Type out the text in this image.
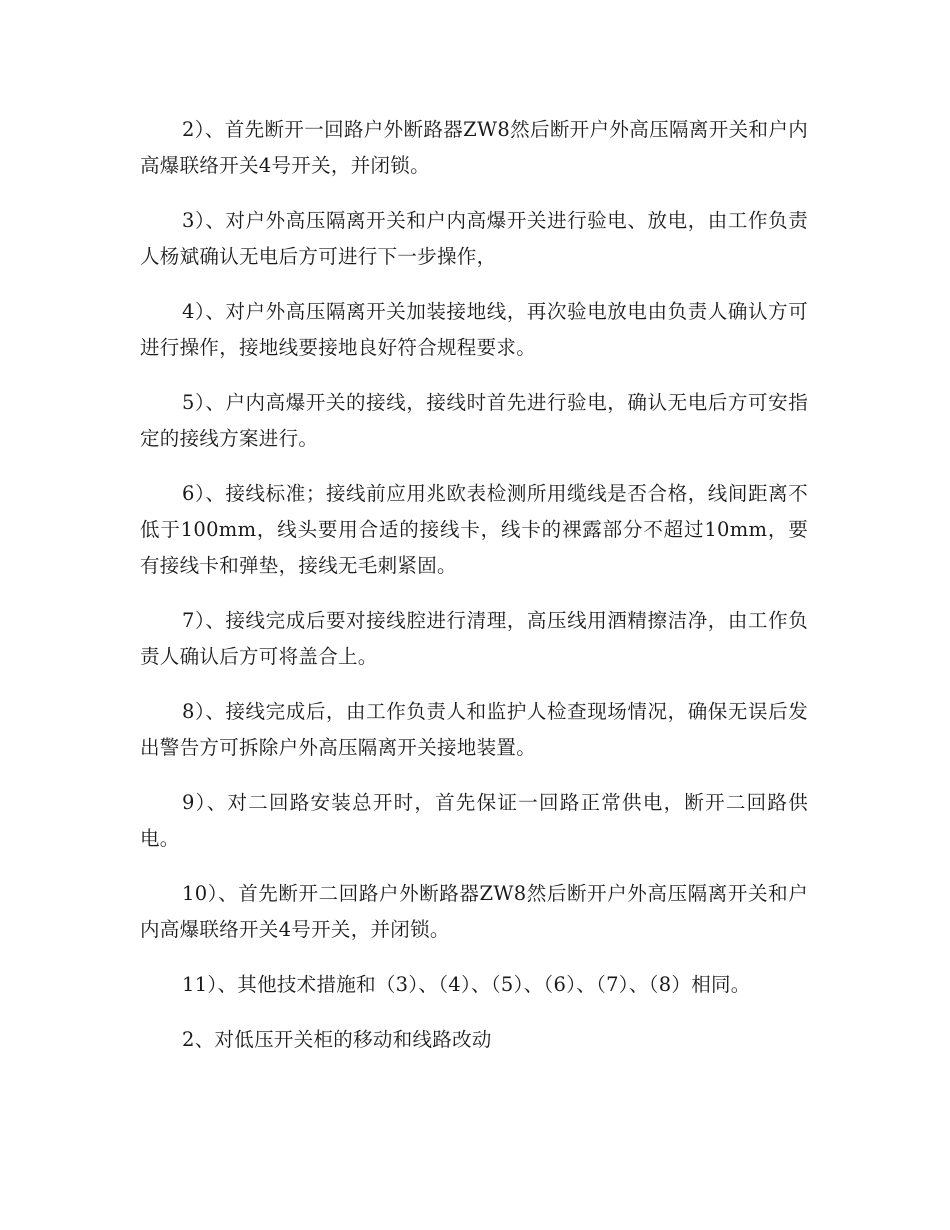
2）、首先断开一回路户外断路器ZW8然后断开户外高压隔离开关和户内高爆联络开关4号开关，并闭锁。

3）、对户外高压隔离开关和户内高爆开关进行验电、放电，由工作负责人杨斌确认无电后方可进行下一步操作，

4）、对户外高压隔离开关加装接地线，再次验电放电由负责人确认方可进行操作，接地线要接地良好符合规程要求。

5）、户内高爆开关的接线，接线时首先进行验电，确认无电后方可安指定的接线方案进行。

6）、接线标准；接线前应用兆欧表检测所用缆线是否合格，线间距离不低于100mm，线头要用合适的接线卡，线卡的裸露部分不超过10mm，要有接线卡和弹垫，接线无毛刺紧固。

7）、接线完成后要对接线腔进行清理，高压线用酒精擦洁净，由工作负责人确认后方可将盖合上。

8）、接线完成后，由工作负责人和监护人检查现场情况，确保无误后发出警告方可拆除户外高压隔离开关接地装置。

9）、对二回路安装总开时，首先保证一回路正常供电，断开二回路供电。

10）、首先断开二回路户外断路器ZW8然后断开户外高压隔离开关和户内高爆联络开关4号开关，并闭锁。

11）、其他技术措施和（3）、（4）、（5）、（6）、（7）、（8）相同。

2、对低压开关柜的移动和线路改动
